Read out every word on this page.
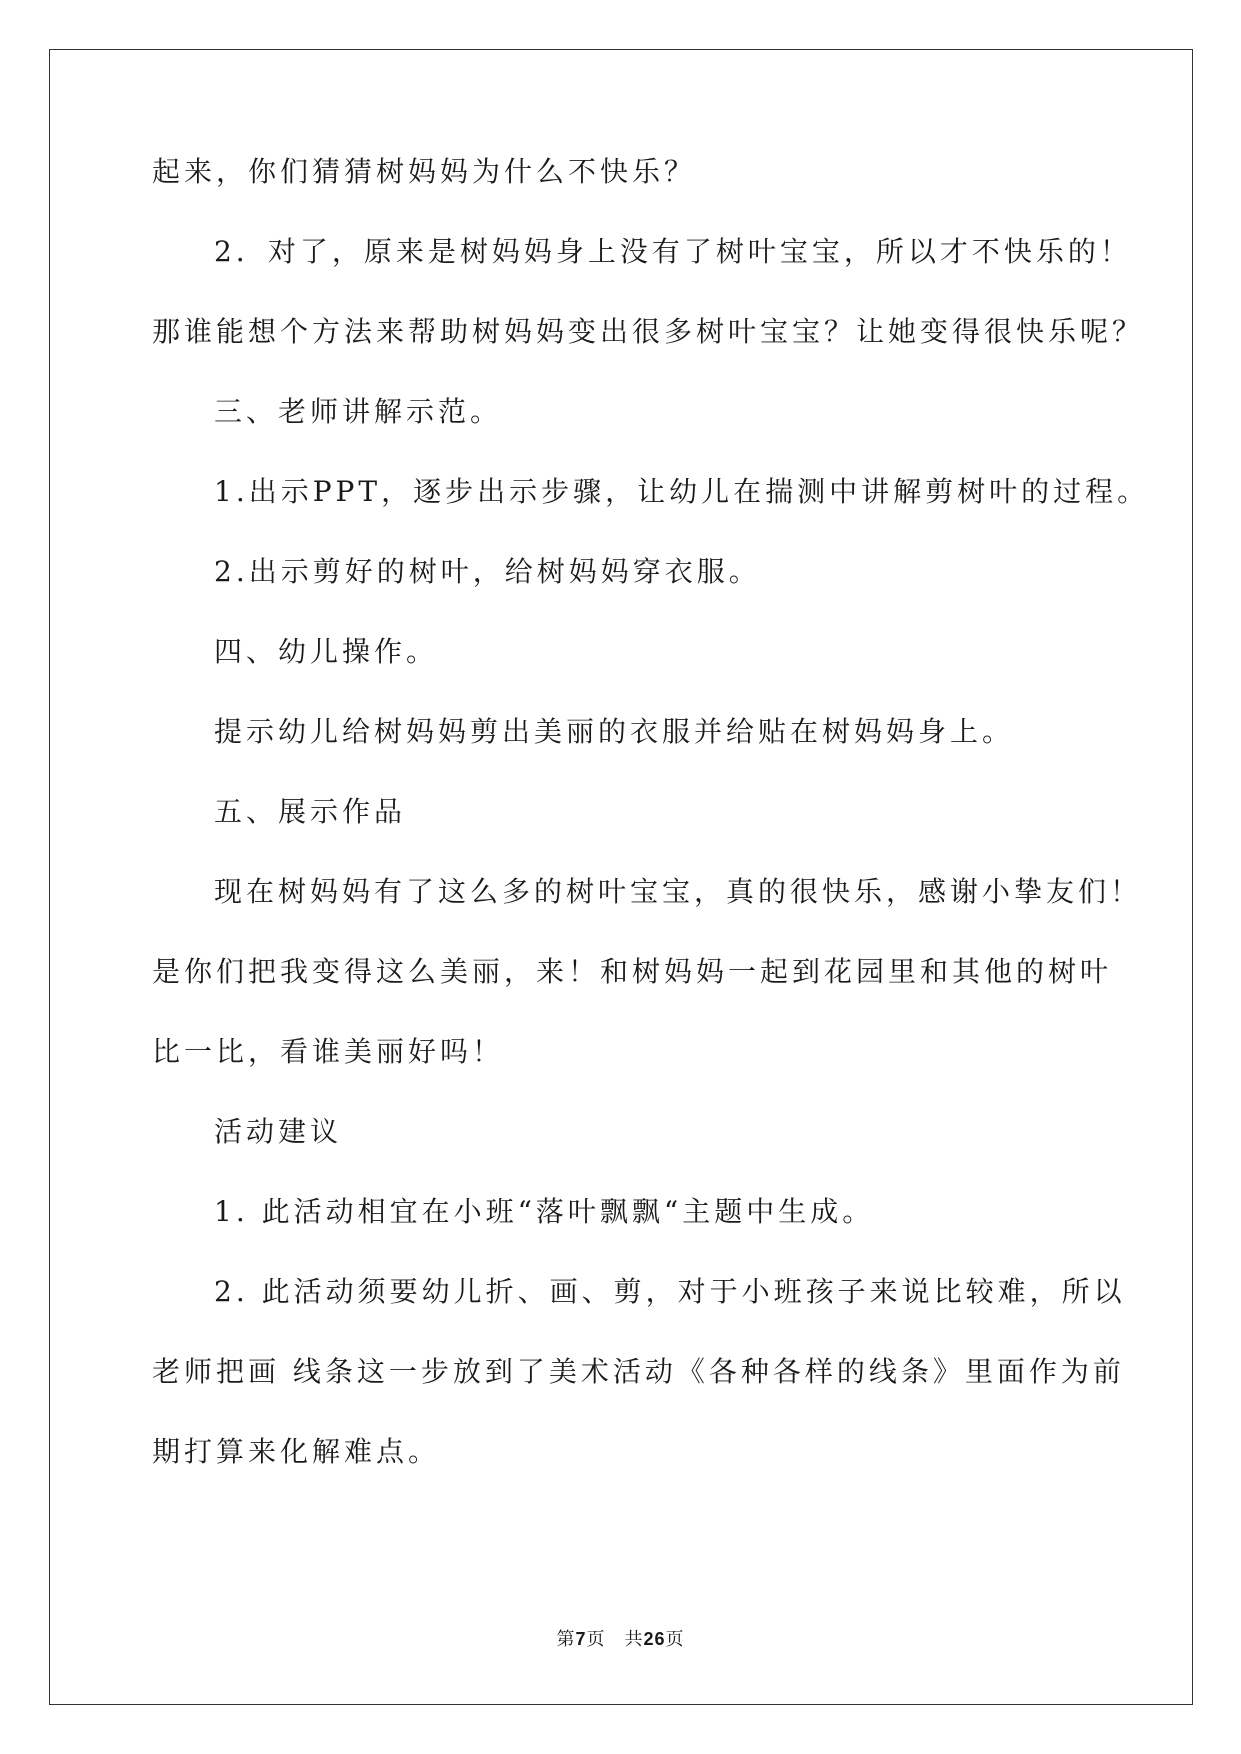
起来，你们猜猜树妈妈为什么不快乐？
2．对了，原来是树妈妈身上没有了树叶宝宝，所以才不快乐的！
那谁能想个方法来帮助树妈妈变出很多树叶宝宝？让她变得很快乐呢？
三、老师讲解示范。
1.出示PPT，逐步出示步骤，让幼儿在揣测中讲解剪树叶的过程。
2.出示剪好的树叶，给树妈妈穿衣服。
四、幼儿操作。
提示幼儿给树妈妈剪出美丽的衣服并给贴在树妈妈身上。
五、展示作品
现在树妈妈有了这么多的树叶宝宝，真的很快乐，感谢小挚友们！
是你们把我变得这么美丽，来！和树妈妈一起到花园里和其他的树叶
比一比，看谁美丽好吗！
活动建议
1. 此活动相宜在小班“落叶飘飘“主题中生成。
2. 此活动须要幼儿折、画、剪，对于小班孩子来说比较难，所以
老师把画 线条这一步放到了美术活动《各种各样的线条》里面作为前
期打算来化解难点。
第7页　共26页
